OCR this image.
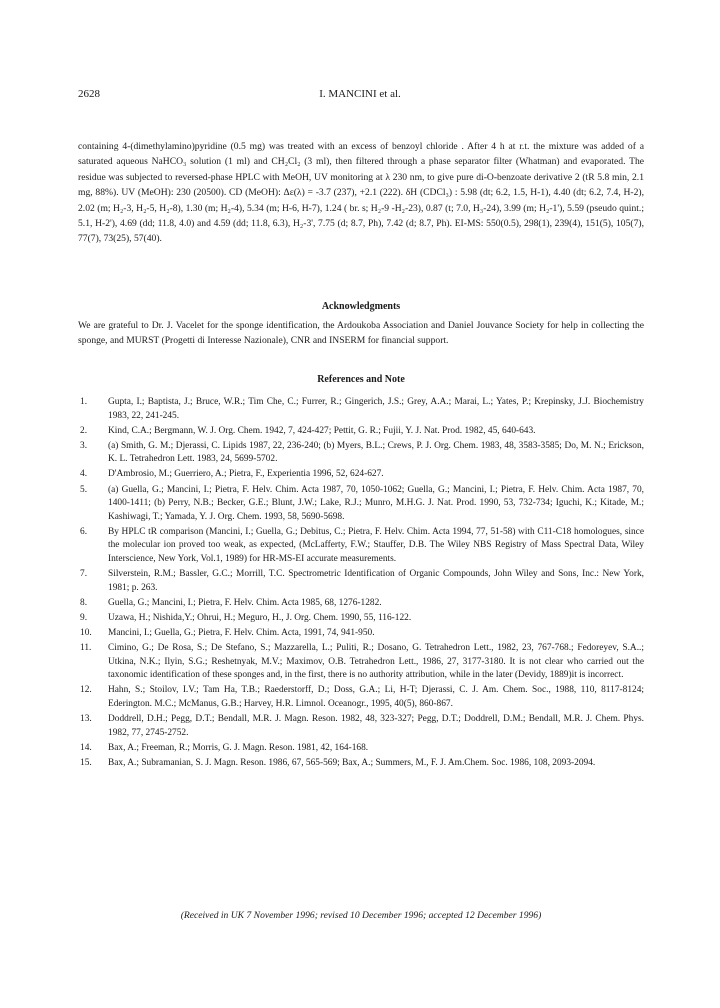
2628	I. MANCINI et al.

containing 4-(dimethylamino)pyridine (0.5 mg) was treated with an excess of benzoyl chloride . After 4 h at r.t. the mixture was added of a saturated aqueous NaHCO₃ solution (1 ml) and CH₂Cl₂ (3 ml), then filtered through a phase separator filter (Whatman) and evaporated. The residue was subjected to reversed-phase HPLC with MeOH, UV monitoring at λ 230 nm, to give pure di-O-benzoate derivative 2 (tR 5.8 min, 2.1 mg, 88%). UV (MeOH): 230 (20500). CD (MeOH): Δε(λ) = -3.7 (237), +2.1 (222). δH (CDCl₃) : 5.98 (dt; 6.2, 1.5, H-1), 4.40 (dt; 6.2, 7.4, H-2), 2.02 (m; H₂-3, H₂-5, H₂-8), 1.30 (m; H₂-4), 5.34 (m; H-6, H-7), 1.24 ( br. s; H₂-9 -H₂-23), 0.87 (t; 7.0, H₃-24), 3.99 (m; H₂-1'), 5.59 (pseudo quint.; 5.1, H-2'), 4.69 (dd; 11.8, 4.0) and 4.59 (dd; 11.8, 6.3), H₂-3', 7.75 (d; 8.7, Ph), 7.42 (d; 8.7, Ph). EI-MS: 550(0.5), 298(1), 239(4), 151(5), 105(7), 77(7), 73(25), 57(40).

Acknowledgments

We are grateful to Dr. J. Vacelet for the sponge identification, the Ardoukoba Association and Daniel Jouvance Society for help in collecting the sponge, and MURST (Progetti di Interesse Nazionale), CNR and INSERM for financial support.

References and Note
1. Gupta, I.; Baptista, J.; Bruce, W.R.; Tim Che, C.; Furrer, R.; Gingerich, J.S.; Grey, A.A.; Marai, L.; Yates, P.; Krepinsky, J.J. Biochemistry 1983, 22, 241-245.
2. Kind, C.A.; Bergmann, W. J. Org. Chem. 1942, 7, 424-427; Pettit, G. R.; Fujii, Y. J. Nat. Prod. 1982, 45, 640-643.
3. (a) Smith, G. M.; Djerassi, C. Lipids 1987, 22, 236-240; (b) Myers, B.L.; Crews, P. J. Org. Chem. 1983, 48, 3583-3585; Do, M. N.; Erickson, K. L. Tetrahedron Lett. 1983, 24, 5699-5702.
4. D'Ambrosio, M.; Guerriero, A.; Pietra, F., Experientia 1996, 52, 624-627.
5. (a) Guella, G.; Mancini, I.; Pietra, F. Helv. Chim. Acta 1987, 70, 1050-1062; Guella, G.; Mancini, I.; Pietra, F. Helv. Chim. Acta 1987, 70, 1400-1411; (b) Perry, N.B.; Becker, G.E.; Blunt, J.W.; Lake, R.J.; Munro, M.H.G. J. Nat. Prod. 1990, 53, 732-734; Iguchi, K.; Kitade, M.; Kashiwagi, T.; Yamada, Y. J. Org. Chem. 1993, 58, 5690-5698.
6. By HPLC tR comparison (Mancini, I.; Guella, G.; Debitus, C.; Pietra, F. Helv. Chim. Acta 1994, 77, 51-58) with C11-C18 homologues, since the molecular ion proved too weak, as expected, (McLafferty, F.W.; Stauffer, D.B. The Wiley NBS Registry of Mass Spectral Data, Wiley Interscience, New York, Vol.1, 1989) for HR-MS-EI accurate measurements.
7. Silverstein, R.M.; Bassler, G.C.; Morrill, T.C. Spectrometric Identification of Organic Compounds, John Wiley and Sons, Inc.: New York, 1981; p. 263.
8. Guella, G.; Mancini, I.; Pietra, F. Helv. Chim. Acta 1985, 68, 1276-1282.
9. Uzawa, H.; Nishida,Y.; Ohrui, H.; Meguro, H., J. Org. Chem. 1990, 55, 116-122.
10. Mancini, I.; Guella, G.; Pietra, F. Helv. Chim. Acta, 1991, 74, 941-950.
11. Cimino, G.; De Rosa, S.; De Stefano, S.; Mazzarella, L.; Puliti, R.; Dosano, G. Tetrahedron Lett., 1982, 23, 767-768.; Fedoreyev, S.A..; Utkina, N.K.; Ilyin, S.G.; Reshetnyak, M.V.; Maximov, O.B. Tetrahedron Lett., 1986, 27, 3177-3180. It is not clear who carried out the taxonomic identification of these sponges and, in the first, there is no authority attribution, while in the later (Devidy, 1889)it is incorrect.
12. Hahn, S.; Stoilov, I.V.; Tam Ha, T.B.; Raederstorff, D.; Doss, G.A.; Li, H-T; Djerassi, C. J. Am. Chem. Soc., 1988, 110, 8117-8124; Ederington. M.C.; McManus, G.B.; Harvey, H.R. Limnol. Oceanogr., 1995, 40(5), 860-867.
13. Doddrell, D.H.; Pegg, D.T.; Bendall, M.R. J. Magn. Reson. 1982, 48, 323-327; Pegg, D.T.; Doddrell, D.M.; Bendall, M.R. J. Chem. Phys. 1982, 77, 2745-2752.
14. Bax, A.; Freeman, R.; Morris, G. J. Magn. Reson. 1981, 42, 164-168.
15. Bax, A.; Subramanian, S. J. Magn. Reson. 1986, 67, 565-569; Bax, A.; Summers, M., F. J. Am.Chem. Soc. 1986, 108, 2093-2094.
(Received in UK 7 November 1996; revised 10 December 1996; accepted 12 December 1996)
